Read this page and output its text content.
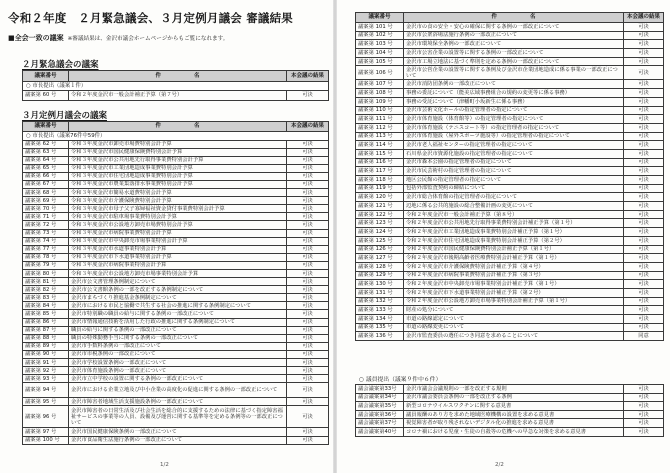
令和２年度　２月緊急議会、３月定例月議会 審議結果
■全会一致の議案 ※審議結果は、金沢市議会ホームページからもご覧になれます。
２月緊急議会の議案
議案番号	件　　　　　　名	本会議の結果
○ 市長提出（議案１件）		
議案第 60 号	令和２年度金沢市一般会計補正予算（第７号）	可決
３月定例月議会の議案
議案番号	件　　　　　　名	本会議の結果
○ 市長提出（議案76件中59件）		
議案第 62 号	令和３年度金沢市卸売市場費特別会計予算	可決
議案第 63 号	令和３年度金沢市国民健康保険費特別会計予算	可決
議案第 64 号	令和３年度金沢市公共用地先行取得事業費特別会計予算	可決
議案第 65 号	令和３年度金沢市工業団地造成事業費特別会計予算	可決
議案第 66 号	令和３年度金沢市住宅団地造成事業費特別会計予算	可決
議案第 67 号	令和３年度金沢市農業集落排水事業費特別会計予算	可決
議案第 68 号	令和３年度金沢市簡易水道費特別会計予算	可決
議案第 69 号	令和３年度金沢市介護保険費特別会計予算	可決
議案第 70 号	令和３年度金沢市母子父子寡婦福祉資金貸付事業費特別会計予算	可決
議案第 71 号	令和３年度金沢市駐車場事業費特別会計予算	可決
議案第 72 号	令和３年度金沢市公設地方卸売市場費特別会計予算	可決
議案第 73 号	令和３年度金沢市病院事業費特別会計予算	可決
議案第 74 号	令和３年度金沢市中央卸売市場事業特別会計予算	可決
議案第 77 号	令和３年度金沢市水道事業特別会計予算	可決
議案第 78 号	令和３年度金沢市下水道事業特別会計予算	可決
議案第 79 号	令和３年度金沢市病院事業特別会計予算	可決
議案第 80 号	令和３年度金沢市公設地方卸売市場事業特別会計予算	可決
議案第 81 号	金沢市公文書管理条例制定について	可決
議案第 82 号	金沢市公文書館条例の一部を改正する条例制定について	可決
議案第 83 号	金沢市まちづくり推進基金条例制定について	可決
議案第 84 号	金沢市における市民と協働で共生する社会の推進に関する条例制定について	可決
議案第 85 号	金沢市特別職の職員の給与に関する条例の一部改正について	可決
議案第 86 号	金沢市情報通信技術を活用した行政の推進に関する条例制定について	可決
議案第 87 号	職員の給与に関する条例の一部改正について	可決
議案第 88 号	職員の特殊勤務手当に関する条例の一部改正について	可決
議案第 89 号	金沢市手数料条例の一部改正について	可決
議案第 90 号	金沢市市税条例の一部改正について	可決
議案第 91 号	金沢市学校設置条例の一部改正について	可決
議案第 92 号	金沢市体育施設条例の一部改正について	可決
議案第 93 号	金沢市立中学校の設置に関する条例の一部改正について	可決
議案第 94 号	金沢市における企業立地及び中小企業の高度化の促進に関する条例の一部改正について	可決
議案第 95 号	金沢市障害者地域生活支援施設条例の一部改正について	可決
議案第 96 号	金沢市障害者の日常生活及び社会生活を総合的に支援するための法律に基づく指定障害福祉サービスの事業等の人員、設備及び運営に関する基準等を定める条例等の一部改正について	可決
議案第 97 号	金沢市国民健康保険条例の一部改正について	可決
議案第 100 号	金沢市食品衛生法施行条例の一部改正について	可決
1/2
議案番号	件　　　　　　名	本会議の結果
議案第 101 号	金沢市の食の安全・安心の確保に関する条例の一部改正について	可決
議案第 102 号	金沢市公衆浴場法施行条例の一部改正について	可決
議案第 103 号	金沢市環境保全条例の一部改正について	可決
議案第 104 号	金沢市公害企業の設置等に関する条例の一部改正について	可決
議案第 105 号	金沢市工場立地法に基づく準則を定める条例の一部改正について	可決
議案第 106 号	金沢市公営企業の設置等に関する条例及び金沢市企業団地造成に係る事業の一部改正について	可決
議案第 107 号	金沢市消防団条例の一部改正について	可決
議案第 108 号	事務の委託について（能美広域事務組合の規約の変更等に係る事務）	可決
議案第 109 号	事務の受託について（津幡町小坂新生に係る事務）	可決
議案第 110 号	金沢市芸術文化ホールの指定管理者の指定について	可決
議案第 111 号	金沢市体育施設（体育館等）の指定管理者の指定について	可決
議案第 112 号	金沢市体育施設（テニスコート等）の指定管理者の指定について	可決
議案第 113 号	金沢市体育施設（屋外スポーツ施設等）の指定管理者の指定について	可決
議案第 114 号	金沢市老人福祉センターの指定管理者の指定について	可決
議案第 115 号	石川県金沢市資源化施設の指定管理者の指定について	可決
議案第 116 号	金沢市森本公園の指定管理者の指定について	可決
議案第 117 号	金沢市民芸術村の指定管理者の指定について	可決
議案第 118 号	地区公民館の指定管理者の指定について	可決
議案第 119 号	包括外部監査契約の締結について	可決
議案第 120 号	金沢市総合体育館の指定管理者の指定について	可決
議案第 121 号	辺地に係る公共的施設の総合整備計画の変更について	可決
議案第 122 号	令和２年度金沢市一般会計補正予算（第８号）	可決
議案第 123 号	令和２年度金沢市公共用地先行取得事業費特別会計補正予算（第１号）	可決
議案第 124 号	令和２年度金沢市工業団地造成事業費特別会計補正予算（第１号）	可決
議案第 125 号	令和２年度金沢市住宅団地造成事業費特別会計補正予算（第２号）	可決
議案第 126 号	令和２年度金沢市国民健康保険費特別会計補正予算（第１号）	可決
議案第 127 号	令和２年度金沢市後期高齢者医療費特別会計補正予算（第１号）	可決
議案第 128 号	令和２年度金沢市介護保険費特別会計補正予算（第４号）	可決
議案第 129 号	令和２年度金沢市病院事業費特別会計補正予算（第３号）	可決
議案第 130 号	令和２年度金沢市中央卸売市場事業特別会計補正予算（第１号）	可決
議案第 131 号	令和２年度金沢市下水道事業特別会計補正予算（第２号）	可決
議案第 132 号	令和２年度金沢市公設地方卸売市場事業特別会計補正予算（第１号）	可決
議案第 133 号	財産の処分について	可決
議案第 134 号	市道の路線認定について	可決
議案第 135 号	市道の路線変更について	可決
議案第 136 号	金沢市監査委員の選任につき同意を求めることについて	同意
○ 議員提出（議案９件中６件）
議会議案第33号	金沢市議会会議規則の一部を改正する規則	可決
議会議案第34号	金沢市議会委員会条例の一部を改正する条例	可決
議会議案第35号	新型コロナウイルスワクチンに関する意見書	可決
議会議案第36号	議員報酬のあり方を求めた地域医療機構の設置を求める意見書	可決
議会議案第37号	視覚障害者が取り残されないデジタル化の推進を求める意見書	可決
議会議案第40号	コロナ禍における児童・生徒の自殺等の危機への早急な対策を求める意見書	可決
2/2
